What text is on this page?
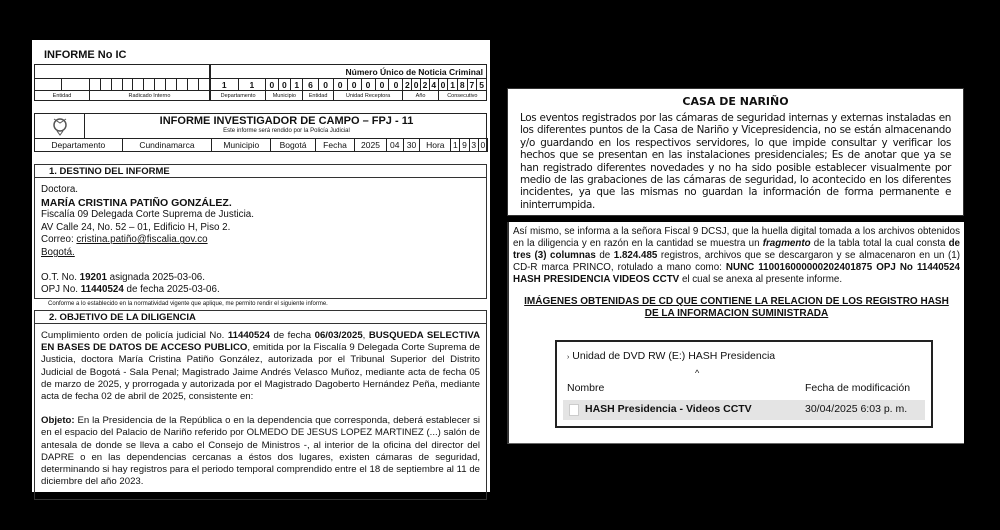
INFORME No IC

Entidad		Radicado Interno										
Número Único de Noticia Criminal																				
1	1	0	0	1	6	0	0	0	0	0	0	2	0	2	4	0	1	8	7	5
Departamento		Municipio			Entidad		Unidad Receptora					Año				Consecutivo				
INFORME INVESTIGADOR DE CAMPO – FPJ - 11
Este informe será rendido por la Policía Judicial
Departamento	Cundinamarca	Municipio	Bogotá	Fecha	2025	04	30	Hora	1	9	3	0
1. DESTINO DEL INFORME
Doctora.
MARÍA CRISTINA PATIÑO GONZÁLEZ.
Fiscalía 09 Delegada Corte Suprema de Justicia.
AV Calle 24, No. 52 – 01, Edificio H, Piso 2.
Correo: cristina.patiño@fiscalia.gov.co
Bogotá.
O.T. No. 19201 asignada 2025-03-06.
OPJ No. 11440524 de fecha 2025-03-06.
Conforme a lo establecido en la normatividad vigente que aplique, me permito rendir el siguiente informe.
2. OBJETIVO DE LA DILIGENCIA
Cumplimiento orden de policía judicial No. 11440524 de fecha 06/03/2025, BUSQUEDA SELECTIVA EN BASES DE DATOS DE ACCESO PUBLICO, emitida por la Fiscalía 9 Delegada Corte Suprema de Justicia, doctora María Cristina Patiño González, autorizada por el Tribunal Superior del Distrito Judicial de Bogotá - Sala Penal; Magistrado Jaime Andrés Velasco Muñoz, mediante acta de fecha 05 de marzo de 2025, y prorrogada y autorizada por el Magistrado Dagoberto Hernández Peña, mediante acta de fecha 02 de abril de 2025, consistente en:
Objeto: En la Presidencia de la República o en la dependencia que corresponda, deberá establecer si en el espacio del Palacio de Nariño referido por OLMEDO DE JESUS LOPEZ MARTINEZ (...) salón de antesala de donde se lleva a cabo el Consejo de Ministros -, al interior de la oficina del director del DAPRE o en las dependencias cercanas a éstos dos lugares, existen cámaras de seguridad, determinando si hay registros para el periodo temporal comprendido entre el 18 de septiembre al 11 de diciembre del año 2023.
CASA DE NARIÑO
Los eventos registrados por las cámaras de seguridad internas y externas instaladas en los diferentes puntos de la Casa de Nariño y Vicepresidencia, no se están almacenando y/o guardando en los respectivos servidores, lo que impide consultar y verificar los hechos que se presentan en las instalaciones presidenciales; Es de anotar que ya se han registrado diferentes novedades y no ha sido posible establecer visualmente por medio de las grabaciones de las cámaras de seguridad, lo acontecido en los diferentes incidentes, ya que las mismas no guardan la información de forma permanente e ininterrumpida.
Así mismo, se informa a la señora Fiscal 9 DCSJ, que la huella digital tomada a los archivos obtenidos en la diligencia y en razón en la cantidad se muestra un fragmento de la tabla total la cual consta de tres (3) columnas de 1.824.485 registros, archivos que se descargaron y se almacenaron en un (1) CD-R marca PRINCO, rotulado a mano como: NUNC 110016000000202401875 OPJ No 11440524 HASH PRESIDENCIA VIDEOS CCTV el cual se anexa al presente informe.
IMÁGENES OBTENIDAS DE CD QUE CONTIENE LA RELACION DE LOS REGISTRO HASH DE LA INFORMACION SUMINISTRADA
› Unidad de DVD RW (E:) HASH Presidencia
^
Nombre	Fecha de modificación
HASH Presidencia - Videos CCTV	30/04/2025 6:03 p. m.
